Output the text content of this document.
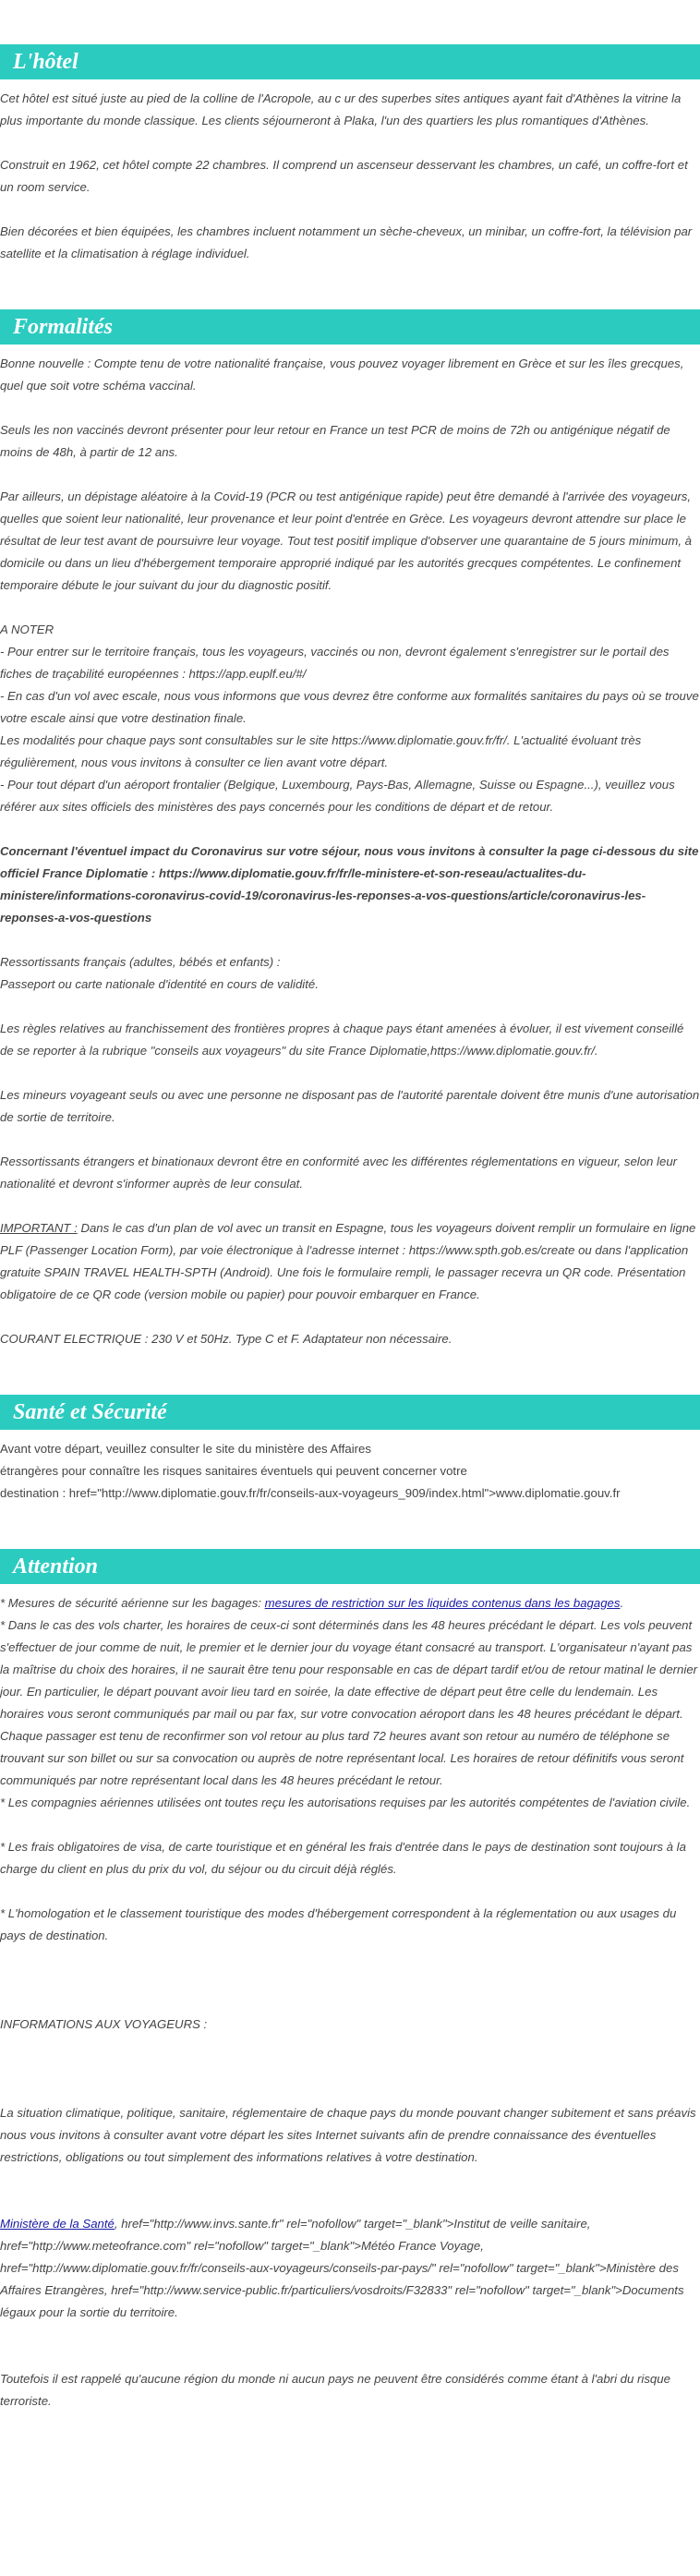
L'hôtel

Cet hôtel est situé juste au pied de la colline de l'Acropole, au c ur des superbes sites antiques ayant fait d'Athènes la vitrine la plus importante du monde classique. Les clients séjourneront à Plaka, l'un des quartiers les plus romantiques d'Athènes.

Construit en 1962, cet hôtel compte 22 chambres. Il comprend un ascenseur desservant les chambres, un café, un coffre-fort et un room service.

Bien décorées et bien équipées, les chambres incluent notamment un sèche-cheveux, un minibar, un coffre-fort, la télévision par satellite et la climatisation à réglage individuel.

Formalités

Bonne nouvelle : Compte tenu de votre nationalité française, vous pouvez voyager librement en Grèce et sur les îles grecques, quel que soit votre schéma vaccinal.

Seuls les non vaccinés devront présenter pour leur retour en France un test PCR de moins de 72h ou antigénique négatif de moins de 48h, à partir de 12 ans.

Par ailleurs, un dépistage aléatoire à la Covid-19 (PCR ou test antigénique rapide) peut être demandé à l'arrivée des voyageurs, quelles que soient leur nationalité, leur provenance et leur point d'entrée en Grèce. Les voyageurs devront attendre sur place le résultat de leur test avant de poursuivre leur voyage. Tout test positif implique d'observer une quarantaine de 5 jours minimum, à domicile ou dans un lieu d'hébergement temporaire approprié indiqué par les autorités grecques compétentes. Le confinement temporaire débute le jour suivant du jour du diagnostic positif.

A NOTER

- Pour entrer sur le territoire français, tous les voyageurs, vaccinés ou non, devront également s'enregistrer sur le portail des fiches de traçabilité européennes : https://app.euplf.eu/#/

- En cas d'un vol avec escale, nous vous informons que vous devrez être conforme aux formalités sanitaires du pays où se trouve votre escale ainsi que votre destination finale.

Les modalités pour chaque pays sont consultables sur le site https://www.diplomatie.gouv.fr/fr/. L'actualité évoluant très régulièrement, nous vous invitons à consulter ce lien avant votre départ.

- Pour tout départ d'un aéroport frontalier (Belgique, Luxembourg, Pays-Bas, Allemagne, Suisse ou Espagne...), veuillez vous référer aux sites officiels des ministères des pays concernés pour les conditions de départ et de retour.

Concernant l'éventuel impact du Coronavirus sur votre séjour, nous vous invitons à consulter la page ci-dessous du site officiel France Diplomatie : https://www.diplomatie.gouv.fr/fr/le-ministere-et-son-reseau/actualites-du-ministere/informations-coronavirus-covid-19/coronavirus-les-reponses-a-vos-questions/article/coronavirus-les-reponses-a-vos-questions

Ressortissants français (adultes, bébés et enfants) :

Passeport ou carte nationale d'identité en cours de validité.

Les règles relatives au franchissement des frontières propres à chaque pays étant amenées à évoluer, il est vivement conseillé de se reporter à la rubrique "conseils aux voyageurs" du site France Diplomatie,https://www.diplomatie.gouv.fr/.

Les mineurs voyageant seuls ou avec une personne ne disposant pas de l'autorité parentale doivent être munis d'une autorisation de sortie de territoire.

Ressortissants étrangers et binationaux devront être en conformité avec les différentes réglementations en vigueur, selon leur nationalité et devront s'informer auprès de leur consulat.

IMPORTANT : Dans le cas d'un plan de vol avec un transit en Espagne, tous les voyageurs doivent remplir un formulaire en ligne PLF (Passenger Location Form), par voie électronique à l'adresse internet : https://www.spth.gob.es/create ou dans l'application gratuite SPAIN TRAVEL HEALTH-SPTH (Android). Une fois le formulaire rempli, le passager recevra un QR code. Présentation obligatoire de ce QR code (version mobile ou papier) pour pouvoir embarquer en France.

COURANT ELECTRIQUE : 230 V et 50Hz. Type C et F. Adaptateur non nécessaire.

Santé et Sécurité

Avant votre départ, veuillez consulter le site du ministère des Affaires

étrangères pour connaître les risques sanitaires éventuels qui peuvent concerner votre

destination : href="http://www.diplomatie.gouv.fr/fr/conseils-aux-voyageurs_909/index.html">www.diplomatie.gouv.fr

Attention

* Mesures de sécurité aérienne sur les bagages: mesures de restriction sur les liquides contenus dans les bagages.

* Dans le cas des vols charter, les horaires de ceux-ci sont déterminés dans les 48 heures précédant le départ. Les vols peuvent s'effectuer de jour comme de nuit, le premier et le dernier jour du voyage étant consacré au transport. L'organisateur n'ayant pas la maîtrise du choix des horaires, il ne saurait être tenu pour responsable en cas de départ tardif et/ou de retour matinal le dernier jour. En particulier, le départ pouvant avoir lieu tard en soirée, la date effective de départ peut être celle du lendemain. Les horaires vous seront communiqués par mail ou par fax, sur votre convocation aéroport dans les 48 heures précédant le départ. Chaque passager est tenu de reconfirmer son vol retour au plus tard 72 heures avant son retour au numéro de téléphone se trouvant sur son billet ou sur sa convocation ou auprès de notre représentant local. Les horaires de retour définitifs vous seront communiqués par notre représentant local dans les 48 heures précédant le retour.

* Les compagnies aériennes utilisées ont toutes reçu les autorisations requises par les autorités compétentes de l'aviation civile.

* Les frais obligatoires de visa, de carte touristique et en général les frais d'entrée dans le pays de destination sont toujours à la charge du client en plus du prix du vol, du séjour ou du circuit déjà réglés.

* L'homologation et le classement touristique des modes d'hébergement correspondent à la réglementation ou aux usages du pays de destination.

INFORMATIONS AUX VOYAGEURS :

La situation climatique, politique, sanitaire, réglementaire de chaque pays du monde pouvant changer subitement et sans préavis

nous vous invitons à consulter avant votre départ les sites Internet suivants afin de prendre connaissance des éventuelles restrictions, obligations ou tout simplement des informations relatives à votre destination.

Ministère de la Santé, href="http://www.invs.sante.fr" rel="nofollow" target="_blank">Institut de veille sanitaire, href="http://www.meteofrance.com" rel="nofollow" target="_blank">Météo France Voyage, href="http://www.diplomatie.gouv.fr/fr/conseils-aux-voyageurs/conseils-par-pays/" rel="nofollow" target="_blank">Ministère des Affaires Etrangères, href="http://www.service-public.fr/particuliers/vosdroits/F32833" rel="nofollow" target="_blank">Documents légaux pour la sortie du territoire.

Toutefois il est rappelé qu'aucune région du monde ni aucun pays ne peuvent être considérés comme étant à l'abri du risque terroriste.
